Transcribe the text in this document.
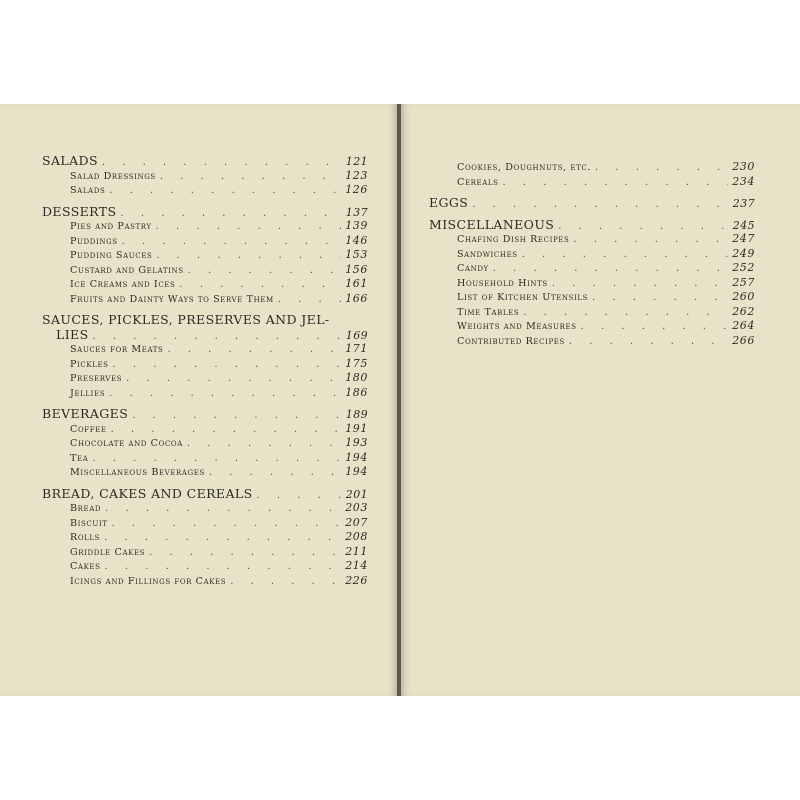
SALADS . . .	121
Salad Dressings . . .	123
Salads . . .	126
DESSERTS . . .	137
Pies and Pastry . . .	139
Puddings . . .	146
Pudding Sauces . . .	153
Custard and Gelatins . . .	156
Ice Creams and Ices . . .	161
Fruits and Dainty Ways to Serve Them . . .	166
SAUCES, PICKLES, PRESERVES AND JEL-
LIES . . .	169
Sauces for Meats . . .	171
Pickles . . .	175
Preserves . . .	180
Jellies . . .	186
BEVERAGES . . .	189
Coffee . . .	191
Chocolate and Cocoa . . .	193
Tea . . .	194
Miscellaneous Beverages . . .	194
BREAD, CAKES AND CEREALS . . .	201
Bread . . .	203
Biscuit . . .	207
Rolls . . .	208
Griddle Cakes . . .	211
Cakes . . .	214
Icings and Fillings for Cakes . . .	226
Cookies, Doughnuts, etc. . . .	230
Cereals . . .	234
EGGS . . .	237
MISCELLANEOUS . . .	245
Chafing Dish Recipes . . .	247
Sandwiches . . .	249
Candy . . .	252
Household Hints . . .	257
List of Kitchen Utensils . . .	260
Time Tables . . .	262
Weights and Measures . . .	264
Contributed Recipes . . .	266
